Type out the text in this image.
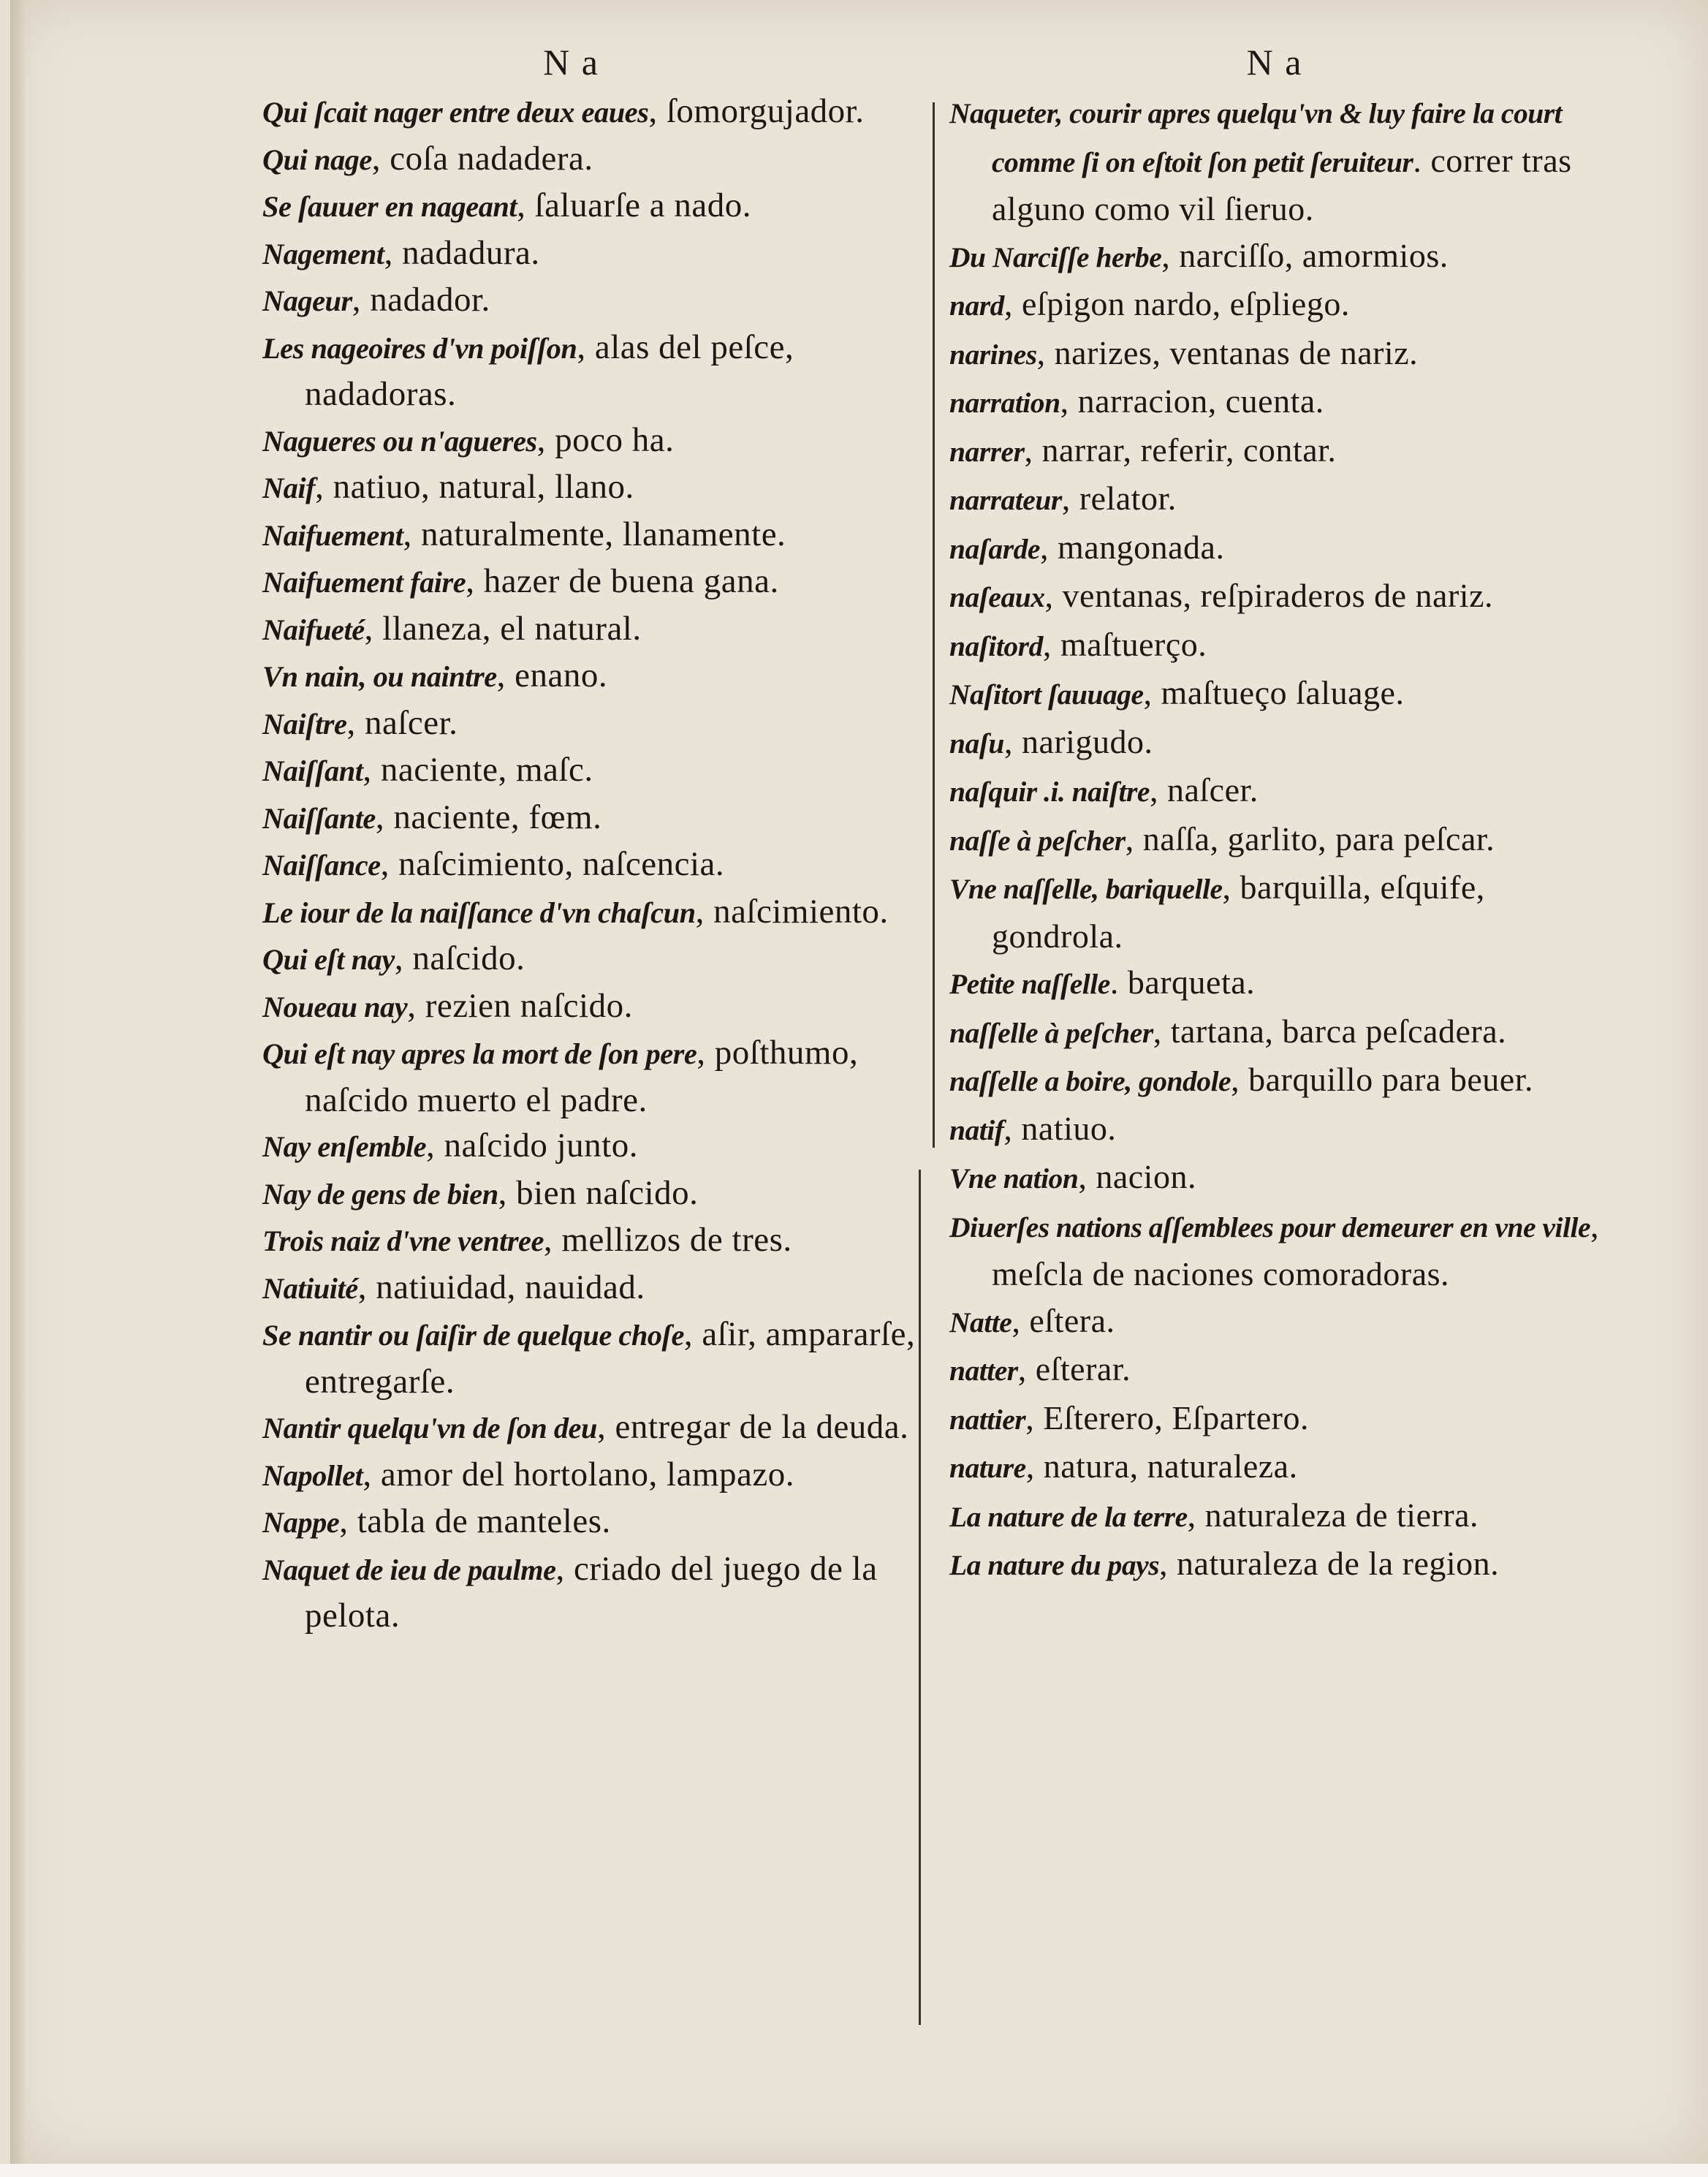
N a
Qui ſcait nager entre deux eaues, ſomorgujador.
Qui nage, coſa nadadera.
Se ſauuer en nageant, ſaluarſe a nado.
Nagement, nadadura.
Nageur, nadador.
Les nageoires d'vn poiſſon, alas del peſce, nadadoras.
Nagueres ou n'agueres, poco ha.
Naif, natiuo, natural, llano.
Naifuement, naturalmente, llanamente.
Naifuement faire, hazer de buena gana.
Naifueté, llaneza, el natural.
Vn nain, ou naintre, enano.
Naiſtre, naſcer.
Naiſſant, naciente, maſc.
Naiſſante, naciente, fœm.
Naiſſance, naſcimiento, naſcencia.
Le iour de la naiſſance d'vn chaſcun, naſcimiento.
Qui eſt nay, naſcido.
Noueau nay, rezien naſcido.
Qui eſt nay apres la mort de ſon pere, poſthumo, naſcido muerto el padre.
Nay enſemble, naſcido junto.
Nay de gens de bien, bien naſcido.
Trois naiz d'vne ventree, mellizos de tres.
Natiuité, natiuidad, nauidad.
Se nantir ou ſaiſir de quelque choſe, aſir, ampararſe, entregarſe.
Nantir quelqu'vn de ſon deu, entregar de la deuda.
Napollet, amor del hortolano, lampazo.
Nappe, tabla de manteles.
Naquet de ieu de paulme, criado del juego de la pelota.
N a
Naqueter, courir apres quelqu'vn & luy faire la court comme ſi on eſtoit ſon petit ſeruiteur. correr tras alguno como vil ſieruo.
Du Narciſſe herbe, narciſſo, amormios.
nard, eſpigon nardo, eſpliego.
narines, narizes, ventanas de nariz.
narration, narracion, cuenta.
narrer, narrar, referir, contar.
narrateur, relator.
naſarde, mangonada.
naſeaux, ventanas, reſpiraderos de nariz.
naſitord, maſtuerço.
Naſitort ſauuage, maſtueço ſaluage.
naſu, narigudo.
naſquir .i. naiſtre, naſcer.
naſſe à peſcher, naſſa, garlito, para peſcar.
Vne naſſelle, bariquelle, barquilla, eſquife, gondrola.
Petite naſſelle. barqueta.
naſſelle à peſcher, tartana, barca peſcadera.
naſſelle a boire, gondole, barquillo para beuer.
natif, natiuo.
Vne nation, nacion.
Diuerſes nations aſſemblees pour demeurer en vne ville, meſcla de naciones comoradoras.
Natte, eſtera.
natter, eſterar.
nattier, Eſterero, Eſpartero.
nature, natura, naturaleza.
La nature de la terre, naturaleza de tierra.
La nature du pays, naturaleza de la region.
